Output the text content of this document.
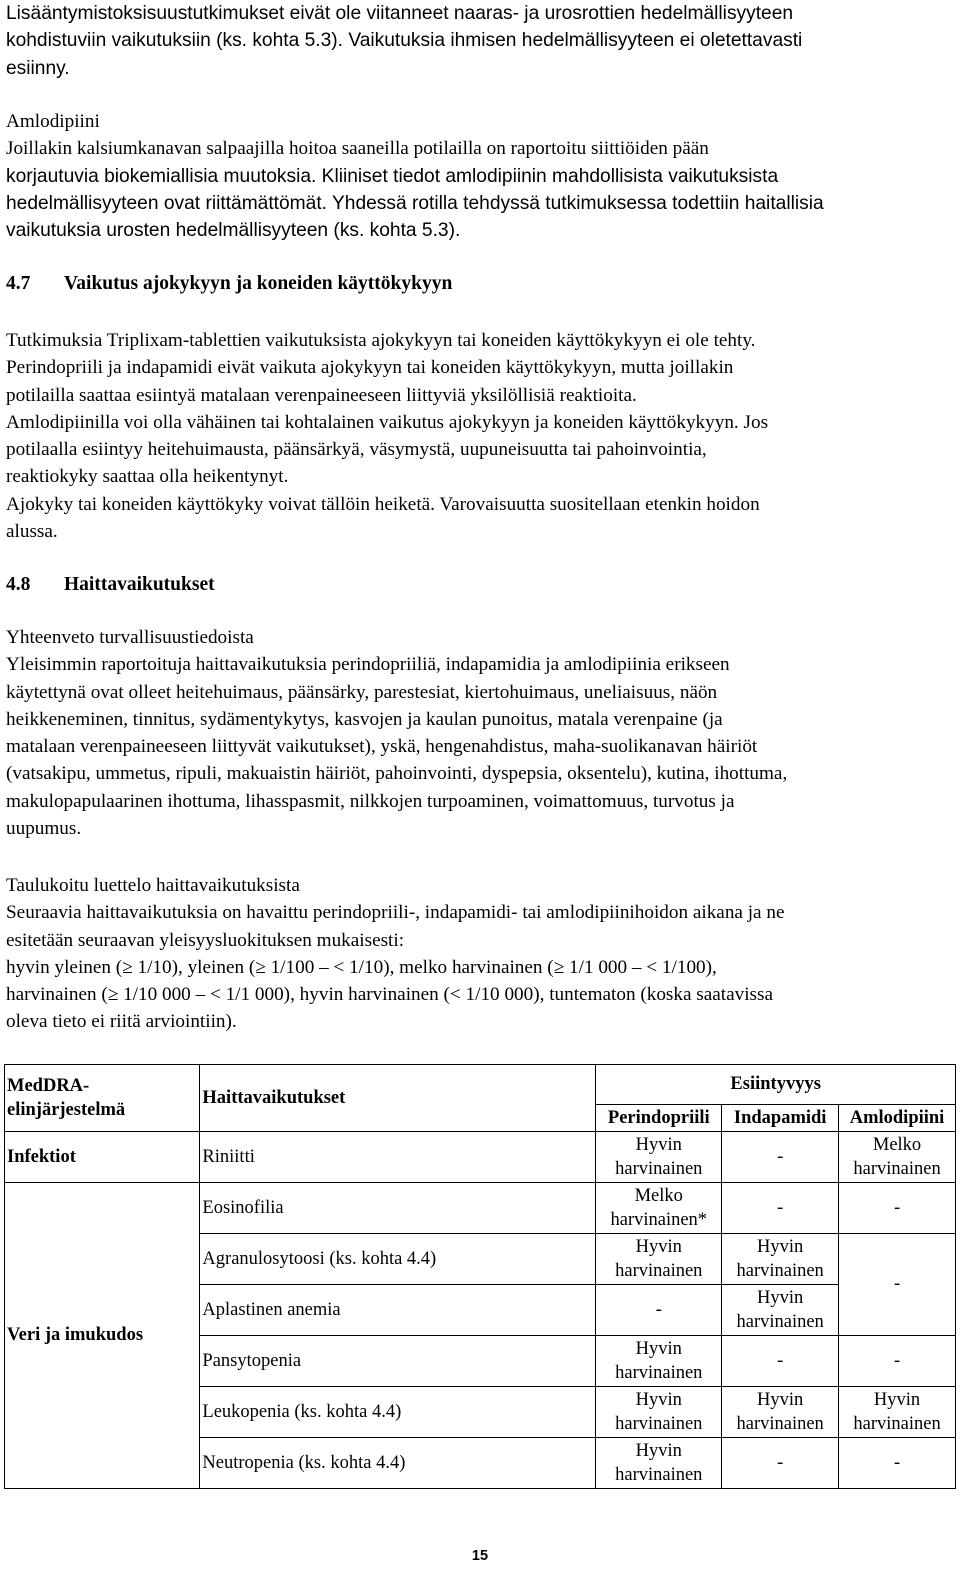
Lisääntymistoksisuustutkimukset eivät ole viitanneet naaras- ja urosrottien hedelmällisyyteen

kohdistuviin vaikutuksiin (ks. kohta 5.3). Vaikutuksia ihmisen hedelmällisyyteen ei oletettavasti

esiinny.

Amlodipiini

Joillakin kalsiumkanavan salpaajilla hoitoa saaneilla potilailla on raportoitu siittiöiden pään

korjautuvia biokemiallisia muutoksia. Kliiniset tiedot amlodipiinin mahdollisista vaikutuksista

hedelmällisyyteen ovat riittämättömät. Yhdessä rotilla tehdyssä tutkimuksessa todettiin haitallisia

vaikutuksia urosten hedelmällisyyteen (ks. kohta 5.3).

4.7	Vaikutus ajokykyyn ja koneiden käyttökykyyn

Tutkimuksia Triplixam-tablettien vaikutuksista ajokykyyn tai koneiden käyttökykyyn ei ole tehty.

Perindopriili ja indapamidi eivät vaikuta ajokykyyn tai koneiden käyttökykyyn, mutta joillakin

potilailla saattaa esiintyä matalaan verenpaineeseen liittyviä yksilöllisiä reaktioita.

Amlodipiinilla voi olla vähäinen tai kohtalainen vaikutus ajokykyyn ja koneiden käyttökykyyn. Jos

potilaalla esiintyy heitehuimausta, päänsärkyä, väsymystä, uupuneisuutta tai pahoinvointia,

reaktiokyky saattaa olla heikentynyt.

Ajokyky tai koneiden käyttökyky voivat tällöin heiketä. Varovaisuutta suositellaan etenkin hoidon

alussa.

4.8	Haittavaikutukset

Yhteenveto turvallisuustiedoista

Yleisimmin raportoituja haittavaikutuksia perindopriiliä, indapamidia ja amlodipiinia erikseen

käytettynä ovat olleet heitehuimaus, päänsärky, parestesiat, kiertohuimaus, uneliaisuus, näön

heikkeneminen, tinnitus, sydämentykytys, kasvojen ja kaulan punoitus, matala verenpaine (ja

matalaan verenpaineeseen liittyvät vaikutukset), yskä, hengenahdistus, maha-suolikanavan häiriöt

(vatsakipu, ummetus, ripuli, makuaistin häiriöt, pahoinvointi, dyspepsia, oksentelu), kutina, ihottuma,

makulopapulaarinen ihottuma, lihasspasmit, nilkkojen turpoaminen, voimattomuus, turvotus ja

uupumus.

Taulukoitu luettelo haittavaikutuksista

Seuraavia haittavaikutuksia on havaittu perindopriili-, indapamidi- tai amlodipiinihoidon aikana ja ne

esitetään seuraavan yleisyysluokituksen mukaisesti:

hyvin yleinen (≥ 1/10), yleinen (≥ 1/100 – < 1/10), melko harvinainen (≥ 1/1 000 – < 1/100),

harvinainen (≥ 1/10 000 – < 1/1 000), hyvin harvinainen (< 1/10 000), tuntematon (koska saatavissa

oleva tieto ei riitä arviointiin).

MedDRA-elinjärjestelmä	Haittavaikutukset	Esiintyvyys		
		Perindopriili	Indapamidi	Amlodipiini
Infektiot	Riniitti	Hyvin harvinainen	-	Melko harvinainen
Veri ja imukudos	Eosinofilia	Melko harvinainen*	-	-
	Agranulosytoosi (ks. kohta 4.4)	Hyvin harvinainen	Hyvin harvinainen	-
	Aplastinen anemia	-	Hyvin harvinainen	
	Pansytopenia	Hyvin harvinainen	-	-
	Leukopenia (ks. kohta 4.4)	Hyvin harvinainen	Hyvin harvinainen	Hyvin harvinainen
	Neutropenia (ks. kohta 4.4)	Hyvin harvinainen	-	-
15
